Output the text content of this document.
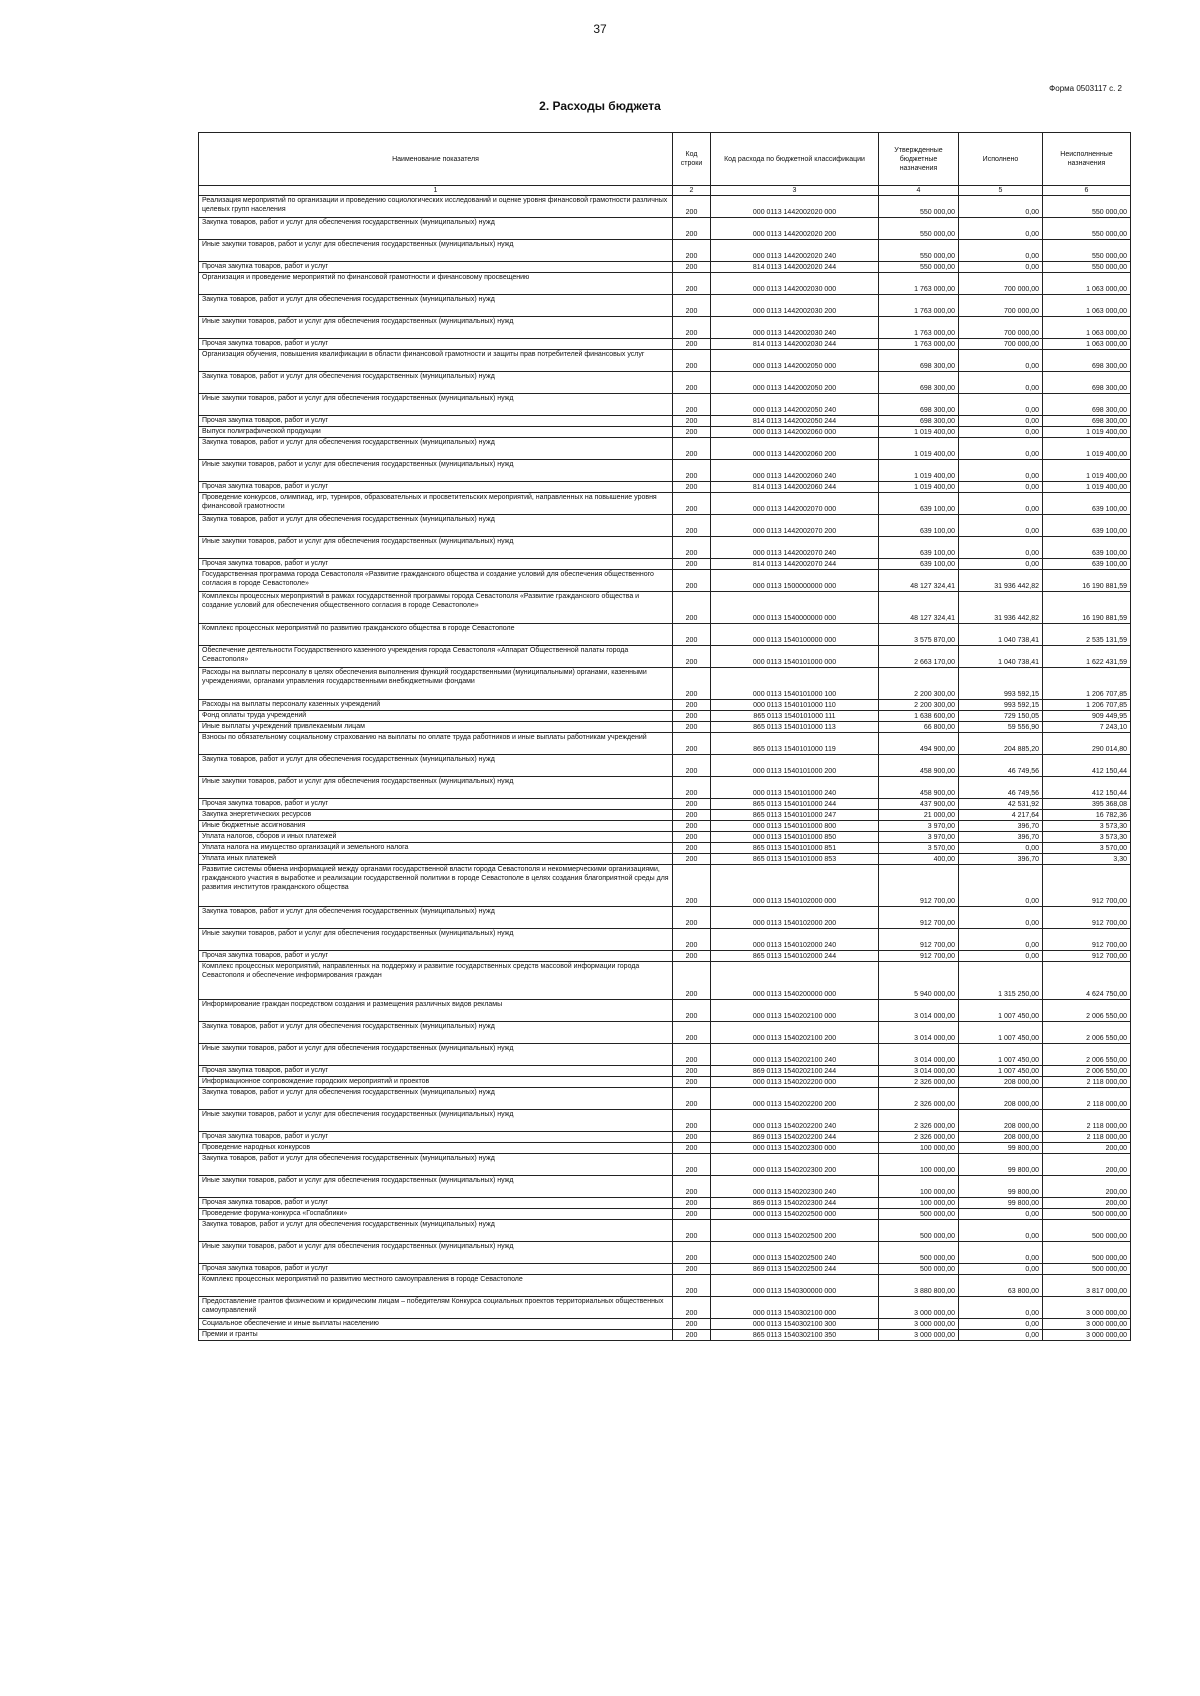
37
Форма 0503117 с. 2
2. Расходы бюджета
Наименование показателя	Код строки	Код расхода по бюджетной классификации	Утвержденные бюджетные назначения	Исполнено	Неисполненные назначения
1	2	3	4	5	6
Реализация мероприятий по организации и проведению социологических исследований и оценке уровня финансовой грамотности различных целевых групп населения	200	000 0113 1442002020 000	550 000,00	0,00	550 000,00
Закупка товаров, работ и услуг для обеспечения государственных (муниципальных) нужд	200	000 0113 1442002020 200	550 000,00	0,00	550 000,00
Иные закупки товаров, работ и услуг для обеспечения государственных (муниципальных) нужд	200	000 0113 1442002020 240	550 000,00	0,00	550 000,00
Прочая закупка товаров, работ и услуг	200	814 0113 1442002020 244	550 000,00	0,00	550 000,00
Организация и проведение мероприятий по финансовой грамотности и финансовому просвещению	200	000 0113 1442002030 000	1 763 000,00	700 000,00	1 063 000,00
Закупка товаров, работ и услуг для обеспечения государственных (муниципальных) нужд	200	000 0113 1442002030 200	1 763 000,00	700 000,00	1 063 000,00
Иные закупки товаров, работ и услуг для обеспечения государственных (муниципальных) нужд	200	000 0113 1442002030 240	1 763 000,00	700 000,00	1 063 000,00
Прочая закупка товаров, работ и услуг	200	814 0113 1442002030 244	1 763 000,00	700 000,00	1 063 000,00
Организация обучения, повышения квалификации в области финансовой грамотности и защиты прав потребителей финансовых услуг	200	000 0113 1442002050 000	698 300,00	0,00	698 300,00
Закупка товаров, работ и услуг для обеспечения государственных (муниципальных) нужд	200	000 0113 1442002050 200	698 300,00	0,00	698 300,00
Иные закупки товаров, работ и услуг для обеспечения государственных (муниципальных) нужд	200	000 0113 1442002050 240	698 300,00	0,00	698 300,00
Прочая закупка товаров, работ и услуг	200	814 0113 1442002050 244	698 300,00	0,00	698 300,00
Выпуск полиграфической продукции	200	000 0113 1442002060 000	1 019 400,00	0,00	1 019 400,00
Закупка товаров, работ и услуг для обеспечения государственных (муниципальных) нужд	200	000 0113 1442002060 200	1 019 400,00	0,00	1 019 400,00
Иные закупки товаров, работ и услуг для обеспечения государственных (муниципальных) нужд	200	000 0113 1442002060 240	1 019 400,00	0,00	1 019 400,00
Прочая закупка товаров, работ и услуг	200	814 0113 1442002060 244	1 019 400,00	0,00	1 019 400,00
Проведение конкурсов, олимпиад, игр, турниров, образовательных и просветительских мероприятий, направленных на повышение уровня финансовой грамотности	200	000 0113 1442002070 000	639 100,00	0,00	639 100,00
Закупка товаров, работ и услуг для обеспечения государственных (муниципальных) нужд	200	000 0113 1442002070 200	639 100,00	0,00	639 100,00
Иные закупки товаров, работ и услуг для обеспечения государственных (муниципальных) нужд	200	000 0113 1442002070 240	639 100,00	0,00	639 100,00
Прочая закупка товаров, работ и услуг	200	814 0113 1442002070 244	639 100,00	0,00	639 100,00
Государственная программа города Севастополя «Развитие гражданского общества и создание условий для обеспечения общественного согласия в городе Севастополе»	200	000 0113 1500000000 000	48 127 324,41	31 936 442,82	16 190 881,59
Комплексы процессных мероприятий в рамках государственной программы города Севастополя «Развитие гражданского общества и создание условий для обеспечения общественного согласия в городе Севастополе»	200	000 0113 1540000000 000	48 127 324,41	31 936 442,82	16 190 881,59
Комплекс процессных мероприятий по развитию гражданского общества в городе Севастополе	200	000 0113 1540100000 000	3 575 870,00	1 040 738,41	2 535 131,59
Обеспечение деятельности Государственного казенного учреждения города Севастополя «Аппарат Общественной палаты города Севастополя»	200	000 0113 1540101000 000	2 663 170,00	1 040 738,41	1 622 431,59
Расходы на выплаты персоналу в целях обеспечения выполнения функций государственными (муниципальными) органами, казенными учреждениями, органами управления государственными внебюджетными фондами	200	000 0113 1540101000 100	2 200 300,00	993 592,15	1 206 707,85
Расходы на выплаты персоналу казенных учреждений	200	000 0113 1540101000 110	2 200 300,00	993 592,15	1 206 707,85
Фонд оплаты труда учреждений	200	865 0113 1540101000 111	1 638 600,00	729 150,05	909 449,95
Иные выплаты учреждений привлекаемым лицам	200	865 0113 1540101000 113	66 800,00	59 556,90	7 243,10
Взносы по обязательному социальному страхованию на выплаты по оплате труда работников и иные выплаты работникам учреждений	200	865 0113 1540101000 119	494 900,00	204 885,20	290 014,80
Закупка товаров, работ и услуг для обеспечения государственных (муниципальных) нужд	200	000 0113 1540101000 200	458 900,00	46 749,56	412 150,44
Иные закупки товаров, работ и услуг для обеспечения государственных (муниципальных) нужд	200	000 0113 1540101000 240	458 900,00	46 749,56	412 150,44
Прочая закупка товаров, работ и услуг	200	865 0113 1540101000 244	437 900,00	42 531,92	395 368,08
Закупка энергетических ресурсов	200	865 0113 1540101000 247	21 000,00	4 217,64	16 782,36
Иные бюджетные ассигнования	200	000 0113 1540101000 800	3 970,00	396,70	3 573,30
Уплата налогов, сборов и иных платежей	200	000 0113 1540101000 850	3 970,00	396,70	3 573,30
Уплата налога на имущество организаций и земельного налога	200	865 0113 1540101000 851	3 570,00	0,00	3 570,00
Уплата иных платежей	200	865 0113 1540101000 853	400,00	396,70	3,30
Развитие системы обмена информацией между органами государственной власти города Севастополя и некоммерческими организациями, гражданского участия в выработке и реализации государственной политики в городе Севастополе в целях создания благоприятной среды для развития институтов гражданского общества	200	000 0113 1540102000 000	912 700,00	0,00	912 700,00
Закупка товаров, работ и услуг для обеспечения государственных (муниципальных) нужд	200	000 0113 1540102000 200	912 700,00	0,00	912 700,00
Иные закупки товаров, работ и услуг для обеспечения государственных (муниципальных) нужд	200	000 0113 1540102000 240	912 700,00	0,00	912 700,00
Прочая закупка товаров, работ и услуг	200	865 0113 1540102000 244	912 700,00	0,00	912 700,00
Комплекс процессных мероприятий, направленных на поддержку и развитие государственных средств массовой информации города Севастополя и обеспечение информирования граждан	200	000 0113 1540200000 000	5 940 000,00	1 315 250,00	4 624 750,00
Информирование граждан посредством создания и размещения различных видов рекламы	200	000 0113 1540202100 000	3 014 000,00	1 007 450,00	2 006 550,00
Закупка товаров, работ и услуг для обеспечения государственных (муниципальных) нужд	200	000 0113 1540202100 200	3 014 000,00	1 007 450,00	2 006 550,00
Иные закупки товаров, работ и услуг для обеспечения государственных (муниципальных) нужд	200	000 0113 1540202100 240	3 014 000,00	1 007 450,00	2 006 550,00
Прочая закупка товаров, работ и услуг	200	869 0113 1540202100 244	3 014 000,00	1 007 450,00	2 006 550,00
Информационное сопровождение городских мероприятий и проектов	200	000 0113 1540202200 000	2 326 000,00	208 000,00	2 118 000,00
Закупка товаров, работ и услуг для обеспечения государственных (муниципальных) нужд	200	000 0113 1540202200 200	2 326 000,00	208 000,00	2 118 000,00
Иные закупки товаров, работ и услуг для обеспечения государственных (муниципальных) нужд	200	000 0113 1540202200 240	2 326 000,00	208 000,00	2 118 000,00
Прочая закупка товаров, работ и услуг	200	869 0113 1540202200 244	2 326 000,00	208 000,00	2 118 000,00
Проведение народных конкурсов	200	000 0113 1540202300 000	100 000,00	99 800,00	200,00
Закупка товаров, работ и услуг для обеспечения государственных (муниципальных) нужд	200	000 0113 1540202300 200	100 000,00	99 800,00	200,00
Иные закупки товаров, работ и услуг для обеспечения государственных (муниципальных) нужд	200	000 0113 1540202300 240	100 000,00	99 800,00	200,00
Прочая закупка товаров, работ и услуг	200	869 0113 1540202300 244	100 000,00	99 800,00	200,00
Проведение форума-конкурса «Госпаблики»	200	000 0113 1540202500 000	500 000,00	0,00	500 000,00
Закупка товаров, работ и услуг для обеспечения государственных (муниципальных) нужд	200	000 0113 1540202500 200	500 000,00	0,00	500 000,00
Иные закупки товаров, работ и услуг для обеспечения государственных (муниципальных) нужд	200	000 0113 1540202500 240	500 000,00	0,00	500 000,00
Прочая закупка товаров, работ и услуг	200	869 0113 1540202500 244	500 000,00	0,00	500 000,00
Комплекс процессных мероприятий по развитию местного самоуправления в городе Севастополе	200	000 0113 1540300000 000	3 880 800,00	63 800,00	3 817 000,00
Предоставление грантов физическим и юридическим лицам – победителям Конкурса социальных проектов территориальных общественных самоуправлений	200	000 0113 1540302100 000	3 000 000,00	0,00	3 000 000,00
Социальное обеспечение и иные выплаты населению	200	000 0113 1540302100 300	3 000 000,00	0,00	3 000 000,00
Премии и гранты	200	865 0113 1540302100 350	3 000 000,00	0,00	3 000 000,00
